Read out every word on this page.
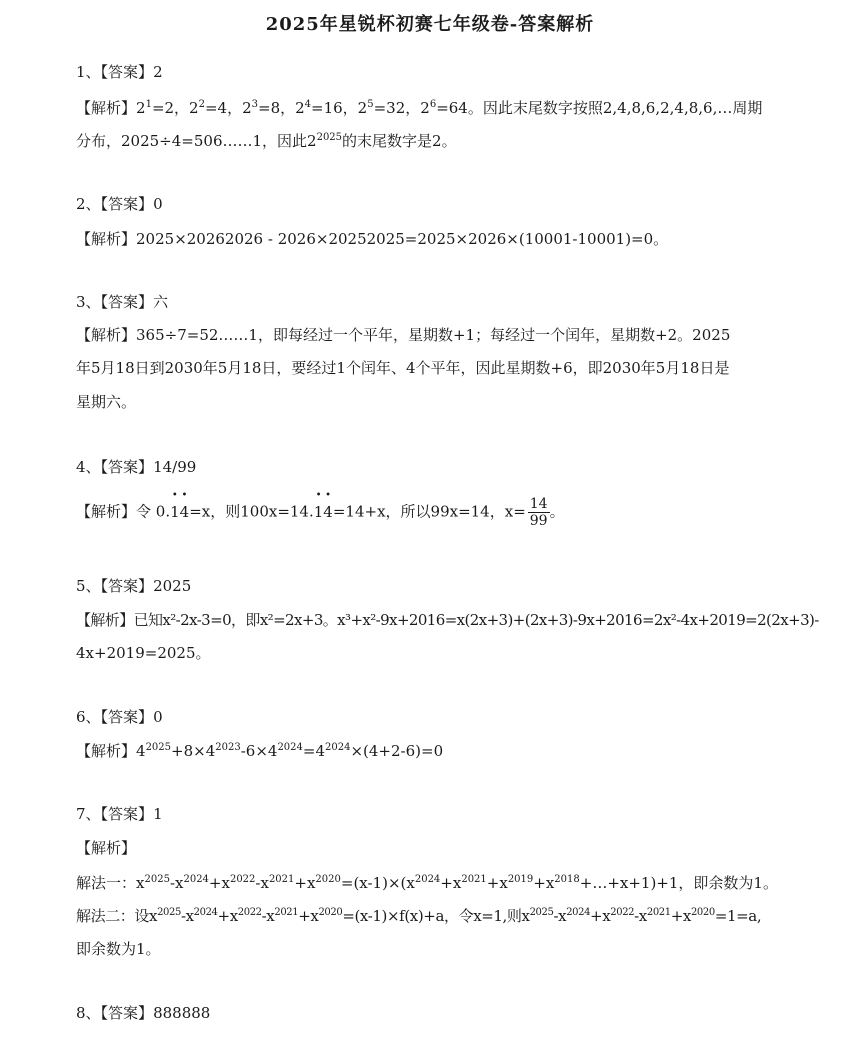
2025年星锐杯初赛七年级卷-答案解析
1、【答案】2
【解析】$2^1=2$，$2^2=4$，$2^3=8$，$2^4=16$，$2^5=32$，$2^6=64$。因此末尾数字按照2,4,8,6,2,4,8,6,…周期
分布，2025÷4=506……1，因此$2^{2025}$的末尾数字是2。
2、【答案】0
【解析】2025×20262026 - 2026×20252025=2025×2026×(10001-10001)=0。
3、【答案】六
【解析】365÷7=52……1，即每经过一个平年，星期数+1；每经过一个闰年，星期数+2。2025
年5月18日到2030年5月18日，要经过1个闰年、4个平年，因此星期数+6，即2030年5月18日是
星期六。
4、【答案】14/99
【解析】令 0.• 1• 4=x，则100x=14.• 1• 4=14+x，所以99x=14，$x= \frac{14}{99}$ 。
5、【答案】2025
【解析】已知x²-2x-3=0，即x²=2x+3。x³+x²-9x+2016=x(2x+3)+(2x+3)-9x+2016=2x²-4x+2019=2(2x+3)-
4x+2019=2025。
6、【答案】0
【解析】$4^{2025}+8\times 4^{2023}-6\times 4^{2024}=4^{2024}\times(4+2-6)=0$
7、【答案】1
【解析】
解法一：$x^{2025}-x^{2024}+x^{2022}-x^{2021}+x^{2020}=(x-1)\times(x^{2024}+x^{2021}+x^{2019}+x^{2018}+\dots+x+1)+1$，即余数为1。
解法二：设$x^{2025}-x^{2024}+x^{2022}-x^{2021}+x^{2020}=(x-1)\times f(x)+a$，令x=1,则$x^{2025}-x^{2024}+x^{2022}-x^{2021}+x^{2020}=1=a$,
即余数为1。
8、【答案】888888
